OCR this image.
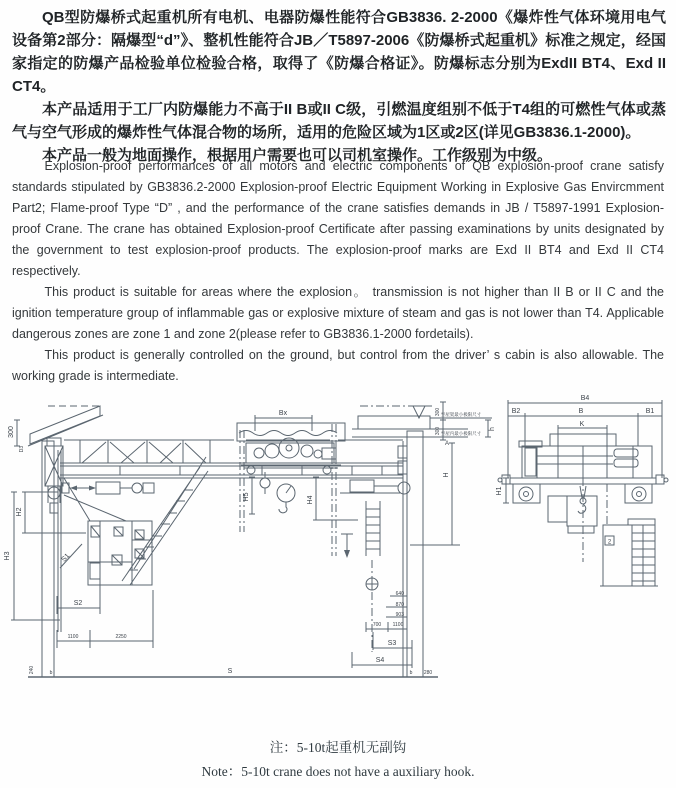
QB型防爆桥式起重机所有电机、电器防爆性能符合GB3836. 2-2000《爆炸性气体环境用电气设备第2部分：隔爆型“d”》、整机性能符合JB／T5897-2006《防爆桥式起重机》标准之规定，经国家指定的防爆产品检验单位检验合格，取得了《防爆合格证》。防爆标志分别为ExdII BT4、Exd II CT4。

本产品适用于工厂内防爆能力不高于II B或II C级，引燃温度组别不低于T4组的可燃性气体或蒸气与空气形成的爆炸性气体混合物的场所，适用的危险区域为1区或2区(详见GB3836.1-2000)。

本产品一般为地面操作，根据用户需要也可以司机室操作。工作级别为中级。

Explosion-proof performances of all motors and electric components of QB explosion-proof crane satisfy standards stipulated by GB3836.2-2000 Explosion-proof Electric Equipment Working in Explosive Gas Envircmment Part2; Flame-proof Type “D” , and the performance of the crane satisfies demands in JB / T5897-1991 Explosion-proof Crane. The crane has obtained Explosion-proof Certificate after passing examinations by units designated by the government to test explosion-proof products. The explosion-proof marks are Exd II BT4 and Exd II CT4 respectively.

This product is suitable for areas where the explosion。 transmission is not higher than II B or II C and the ignition temperature group of inflammable gas or explosive mixture of steam and gas is not lower than T4. Applicable dangerous zones are zone 1 and zone 2(please refer to GB3836.1-2000 fordetails).

This product is generally controlled on the ground, but control from the driver’ s cabin is also allowable. The working grade is intermediate.

Bx
300
D3
H2
H3	S1
S2
1100	2250
240	b	S
H5	H4
640
870
903
700 1100
S3
S4
b 280
300
300	h
A
H
至屋架最小极限尺寸
至屋内最小极限尺寸
B4
B2	B	B1
K
H1
2

注：5-10t起重机无副钩

Note：5-10t crane does not have a auxiliary hook.
